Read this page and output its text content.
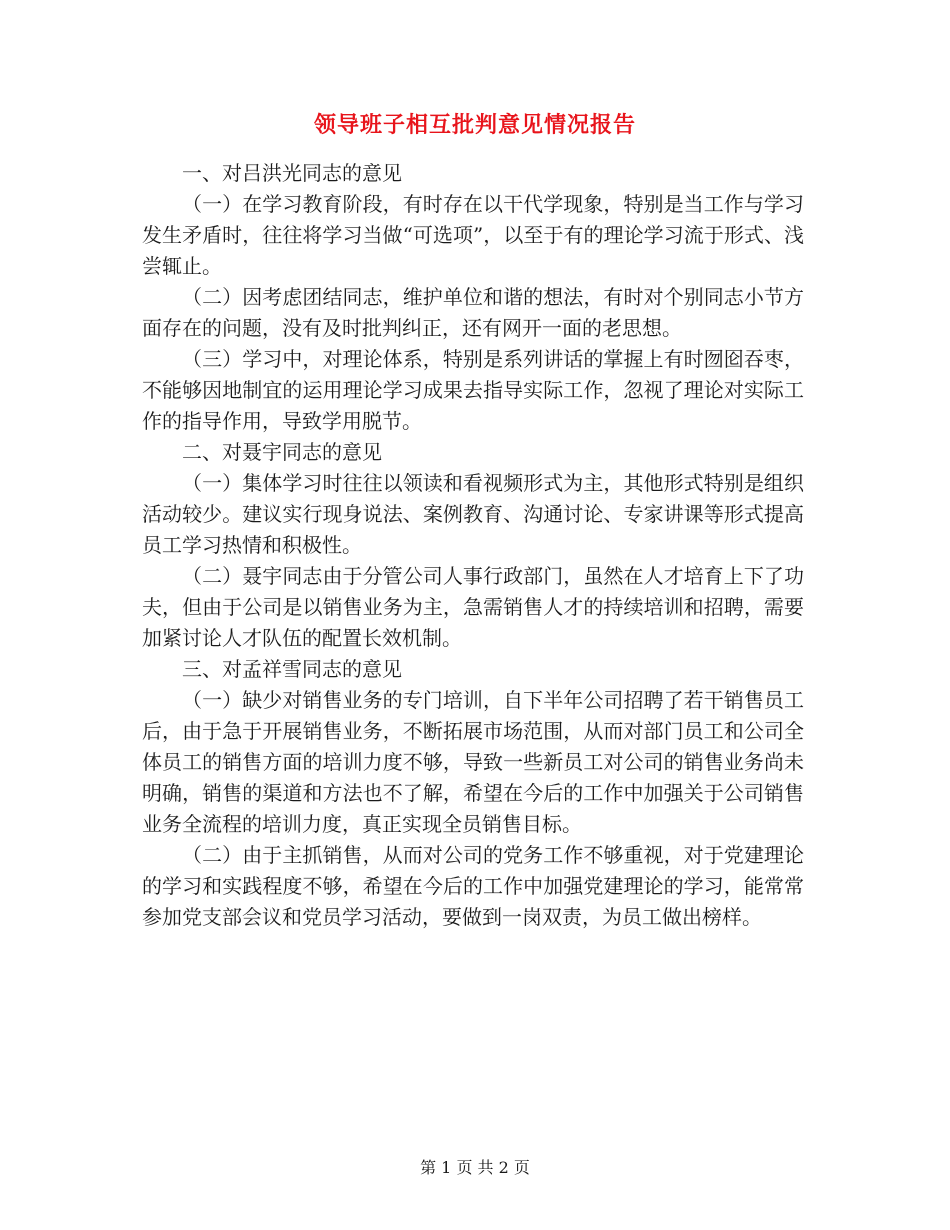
领导班子相互批判意见情况报告

一、对吕洪光同志的意见

（一）在学习教育阶段，有时存在以干代学现象，特别是当工作与学习发生矛盾时，往往将学习当做“可选项”，以至于有的理论学习流于形式、浅尝辄止。

（二）因考虑团结同志，维护单位和谐的想法，有时对个别同志小节方面存在的问题，没有及时批判纠正，还有网开一面的老思想。

（三）学习中，对理论体系，特别是系列讲话的掌握上有时囫囵吞枣，不能够因地制宜的运用理论学习成果去指导实际工作，忽视了理论对实际工作的指导作用，导致学用脱节。

二、对聂宇同志的意见

（一）集体学习时往往以领读和看视频形式为主，其他形式特别是组织活动较少。建议实行现身说法、案例教育、沟通讨论、专家讲课等形式提高员工学习热情和积极性。

（二）聂宇同志由于分管公司人事行政部门，虽然在人才培育上下了功夫，但由于公司是以销售业务为主，急需销售人才的持续培训和招聘，需要加紧讨论人才队伍的配置长效机制。

三、对孟祥雪同志的意见

（一）缺少对销售业务的专门培训，自下半年公司招聘了若干销售员工后，由于急于开展销售业务，不断拓展市场范围，从而对部门员工和公司全体员工的销售方面的培训力度不够，导致一些新员工对公司的销售业务尚未明确，销售的渠道和方法也不了解，希望在今后的工作中加强关于公司销售业务全流程的培训力度，真正实现全员销售目标。

（二）由于主抓销售，从而对公司的党务工作不够重视，对于党建理论的学习和实践程度不够，希望在今后的工作中加强党建理论的学习，能常常参加党支部会议和党员学习活动，要做到一岗双责，为员工做出榜样。

第 1 页 共 2 页
